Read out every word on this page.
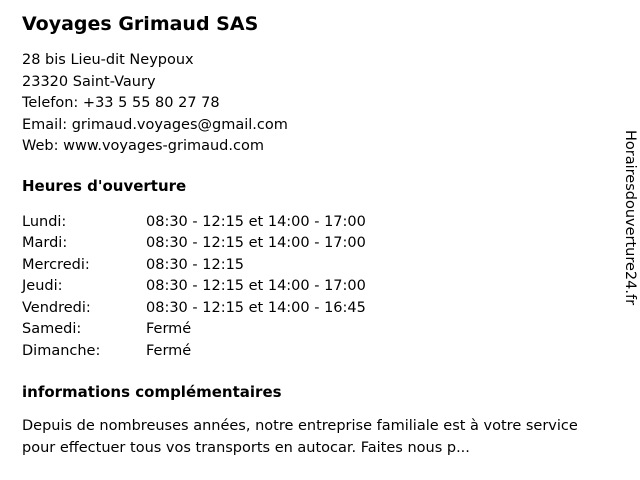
Voyages Grimaud SAS
28 bis Lieu-dit Neypoux
23320 Saint-Vaury
Telefon: +33 5 55 80 27 78
Email: grimaud.voyages@gmail.com
Web: www.voyages-grimaud.com
Heures d'ouverture
Lundi:	08:30 - 12:15 et 14:00 - 17:00
Mardi:	08:30 - 12:15 et 14:00 - 17:00
Mercredi:	08:30 - 12:15
Jeudi:	08:30 - 12:15 et 14:00 - 17:00
Vendredi:	08:30 - 12:15 et 14:00 - 16:45
Samedi:	Fermé
Dimanche:	Fermé
informations complémentaires
Depuis de nombreuses années, notre entreprise familiale est à votre service pour effectuer tous vos transports en autocar. Faites nous p...
Horairesdouverture24.fr
